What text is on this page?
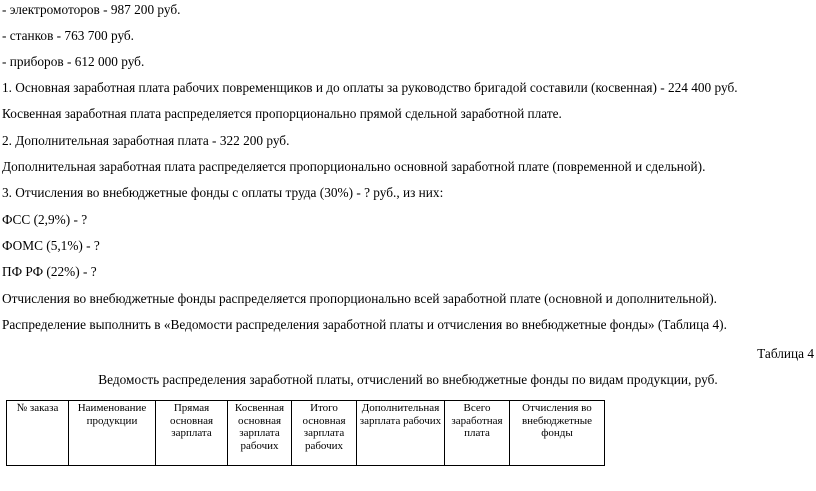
- электромоторов - 987 200 руб.
- станков - 763 700 руб.
- приборов - 612 000 руб.
1. Основная заработная плата рабочих повременщиков и до оплаты за руководство бригадой составили (косвенная) - 224 400 руб.
Косвенная заработная плата распределяется пропорционально прямой сдельной заработной плате.
2. Дополнительная заработная плата - 322 200 руб.
Дополнительная заработная плата распределяется пропорционально основной заработной плате (повременной и сдельной).
3. Отчисления во внебюджетные фонды с оплаты труда (30%) - ? руб., из них:
ФСС (2,9%) - ?
ФОМС (5,1%) - ?
ПФ РФ (22%) - ?
Отчисления во внебюджетные фонды распределяется пропорционально всей заработной плате (основной и дополнительной).
Распределение выполнить в «Ведомости распределения заработной платы и отчисления во внебюджетные фонды» (Таблица 4).
Таблица 4
Ведомость распределения заработной платы, отчислений во внебюджетные фонды по видам продукции, руб.
№ заказа	Наименование продукции	Прямая основная зарплата	Косвенная основная зарплата рабочих	Итого основная зарплата рабочих	Дополнительная зарплата рабочих	Всего заработная плата	Отчисления во внебюджетные фонды
